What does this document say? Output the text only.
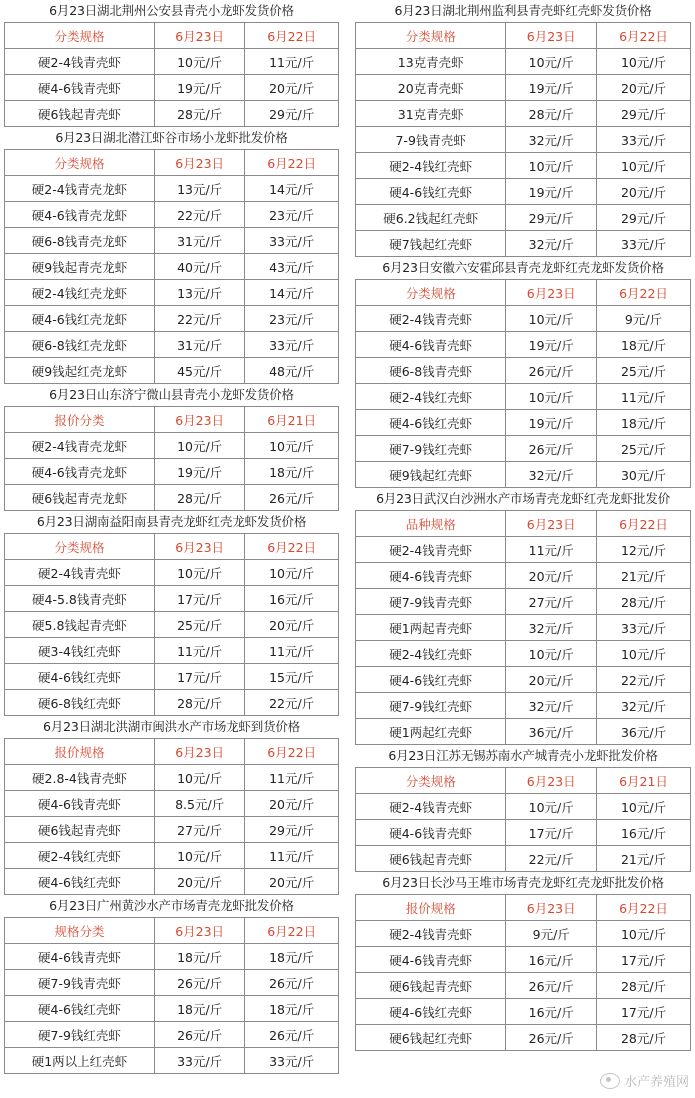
6月23日湖北荆州公安县青壳小龙虾发货价格
分类规格	6月23日	6月22日
硬2-4钱青壳虾	10元/斤	11元/斤
硬4-6钱青壳虾	19元/斤	20元/斤
硬6钱起青壳虾	28元/斤	29元/斤
6月23日湖北潜江虾谷市场小龙虾批发价格
分类规格	6月23日	6月22日
硬2-4钱青壳龙虾	13元/斤	14元/斤
硬4-6钱青壳龙虾	22元/斤	23元/斤
硬6-8钱青壳龙虾	31元/斤	33元/斤
硬9钱起青壳龙虾	40元/斤	43元/斤
硬2-4钱红壳龙虾	13元/斤	14元/斤
硬4-6钱红壳龙虾	22元/斤	23元/斤
硬6-8钱红壳龙虾	31元/斤	33元/斤
硬9钱起红壳龙虾	45元/斤	48元/斤
6月23日山东济宁微山县青壳小龙虾发货价格
报价分类	6月23日	6月21日
硬2-4钱青壳龙虾	10元/斤	10元/斤
硬4-6钱青壳龙虾	19元/斤	18元/斤
硬6钱起青壳龙虾	28元/斤	26元/斤
6月23日湖南益阳南县青壳龙虾红壳龙虾发货价格
分类规格	6月23日	6月22日
硬2-4钱青壳虾	10元/斤	10元/斤
硬4-5.8钱青壳虾	17元/斤	16元/斤
硬5.8钱起青壳虾	25元/斤	20元/斤
硬3-4钱红壳虾	11元/斤	11元/斤
硬4-6钱红壳虾	17元/斤	15元/斤
硬6-8钱红壳虾	28元/斤	22元/斤
6月23日湖北洪湖市闽洪水产市场龙虾到货价格
报价规格	6月23日	6月22日
硬2.8-4钱青壳虾	10元/斤	11元/斤
硬4-6钱青壳虾	8.5元/斤	20元/斤
硬6钱起青壳虾	27元/斤	29元/斤
硬2-4钱红壳虾	10元/斤	11元/斤
硬4-6钱红壳虾	20元/斤	20元/斤
6月23日广州黄沙水产市场青壳龙虾批发价格
规格分类	6月23日	6月22日
硬4-6钱青壳虾	18元/斤	18元/斤
硬7-9钱青壳虾	26元/斤	26元/斤
硬4-6钱红壳虾	18元/斤	18元/斤
硬7-9钱红壳虾	26元/斤	26元/斤
硬1两以上红壳虾	33元/斤	33元/斤
6月23日湖北荆州监利县青壳虾红壳虾发货价格
分类规格	6月23日	6月22日
13克青壳虾	10元/斤	10元/斤
20克青壳虾	19元/斤	20元/斤
31克青壳虾	28元/斤	29元/斤
7-9钱青壳虾	32元/斤	33元/斤
硬2-4钱红壳虾	10元/斤	10元/斤
硬4-6钱红壳虾	19元/斤	20元/斤
硬6.2钱起红壳虾	29元/斤	29元/斤
硬7钱起红壳虾	32元/斤	33元/斤
6月23日安徽六安霍邱县青壳龙虾红壳龙虾发货价格
分类规格	6月23日	6月22日
硬2-4钱青壳虾	10元/斤	9元/斤
硬4-6钱青壳虾	19元/斤	18元/斤
硬6-8钱青壳虾	26元/斤	25元/斤
硬2-4钱红壳虾	10元/斤	11元/斤
硬4-6钱红壳虾	19元/斤	18元/斤
硬7-9钱红壳虾	26元/斤	25元/斤
硬9钱起红壳虾	32元/斤	30元/斤
6月23日武汉白沙洲水产市场青壳龙虾红壳龙虾批发价
品种规格	6月23日	6月22日
硬2-4钱青壳虾	11元/斤	12元/斤
硬4-6钱青壳虾	20元/斤	21元/斤
硬7-9钱青壳虾	27元/斤	28元/斤
硬1两起青壳虾	32元/斤	33元/斤
硬2-4钱红壳虾	10元/斤	10元/斤
硬4-6钱红壳虾	20元/斤	22元/斤
硬7-9钱红壳虾	32元/斤	32元/斤
硬1两起红壳虾	36元/斤	36元/斤
6月23日江苏无锡苏南水产城青壳小龙虾批发价格
分类规格	6月23日	6月21日
硬2-4钱青壳虾	10元/斤	10元/斤
硬4-6钱青壳虾	17元/斤	16元/斤
硬6钱起青壳虾	22元/斤	21元/斤
6月23日长沙马王堆市场青壳龙虾红壳龙虾批发价格
报价规格	6月23日	6月22日
硬2-4钱青壳虾	9元/斤	10元/斤
硬4-6钱青壳虾	16元/斤	17元/斤
硬6钱起青壳虾	26元/斤	28元/斤
硬4-6钱红壳虾	16元/斤	17元/斤
硬6钱起红壳虾	26元/斤	28元/斤
水产养殖网
